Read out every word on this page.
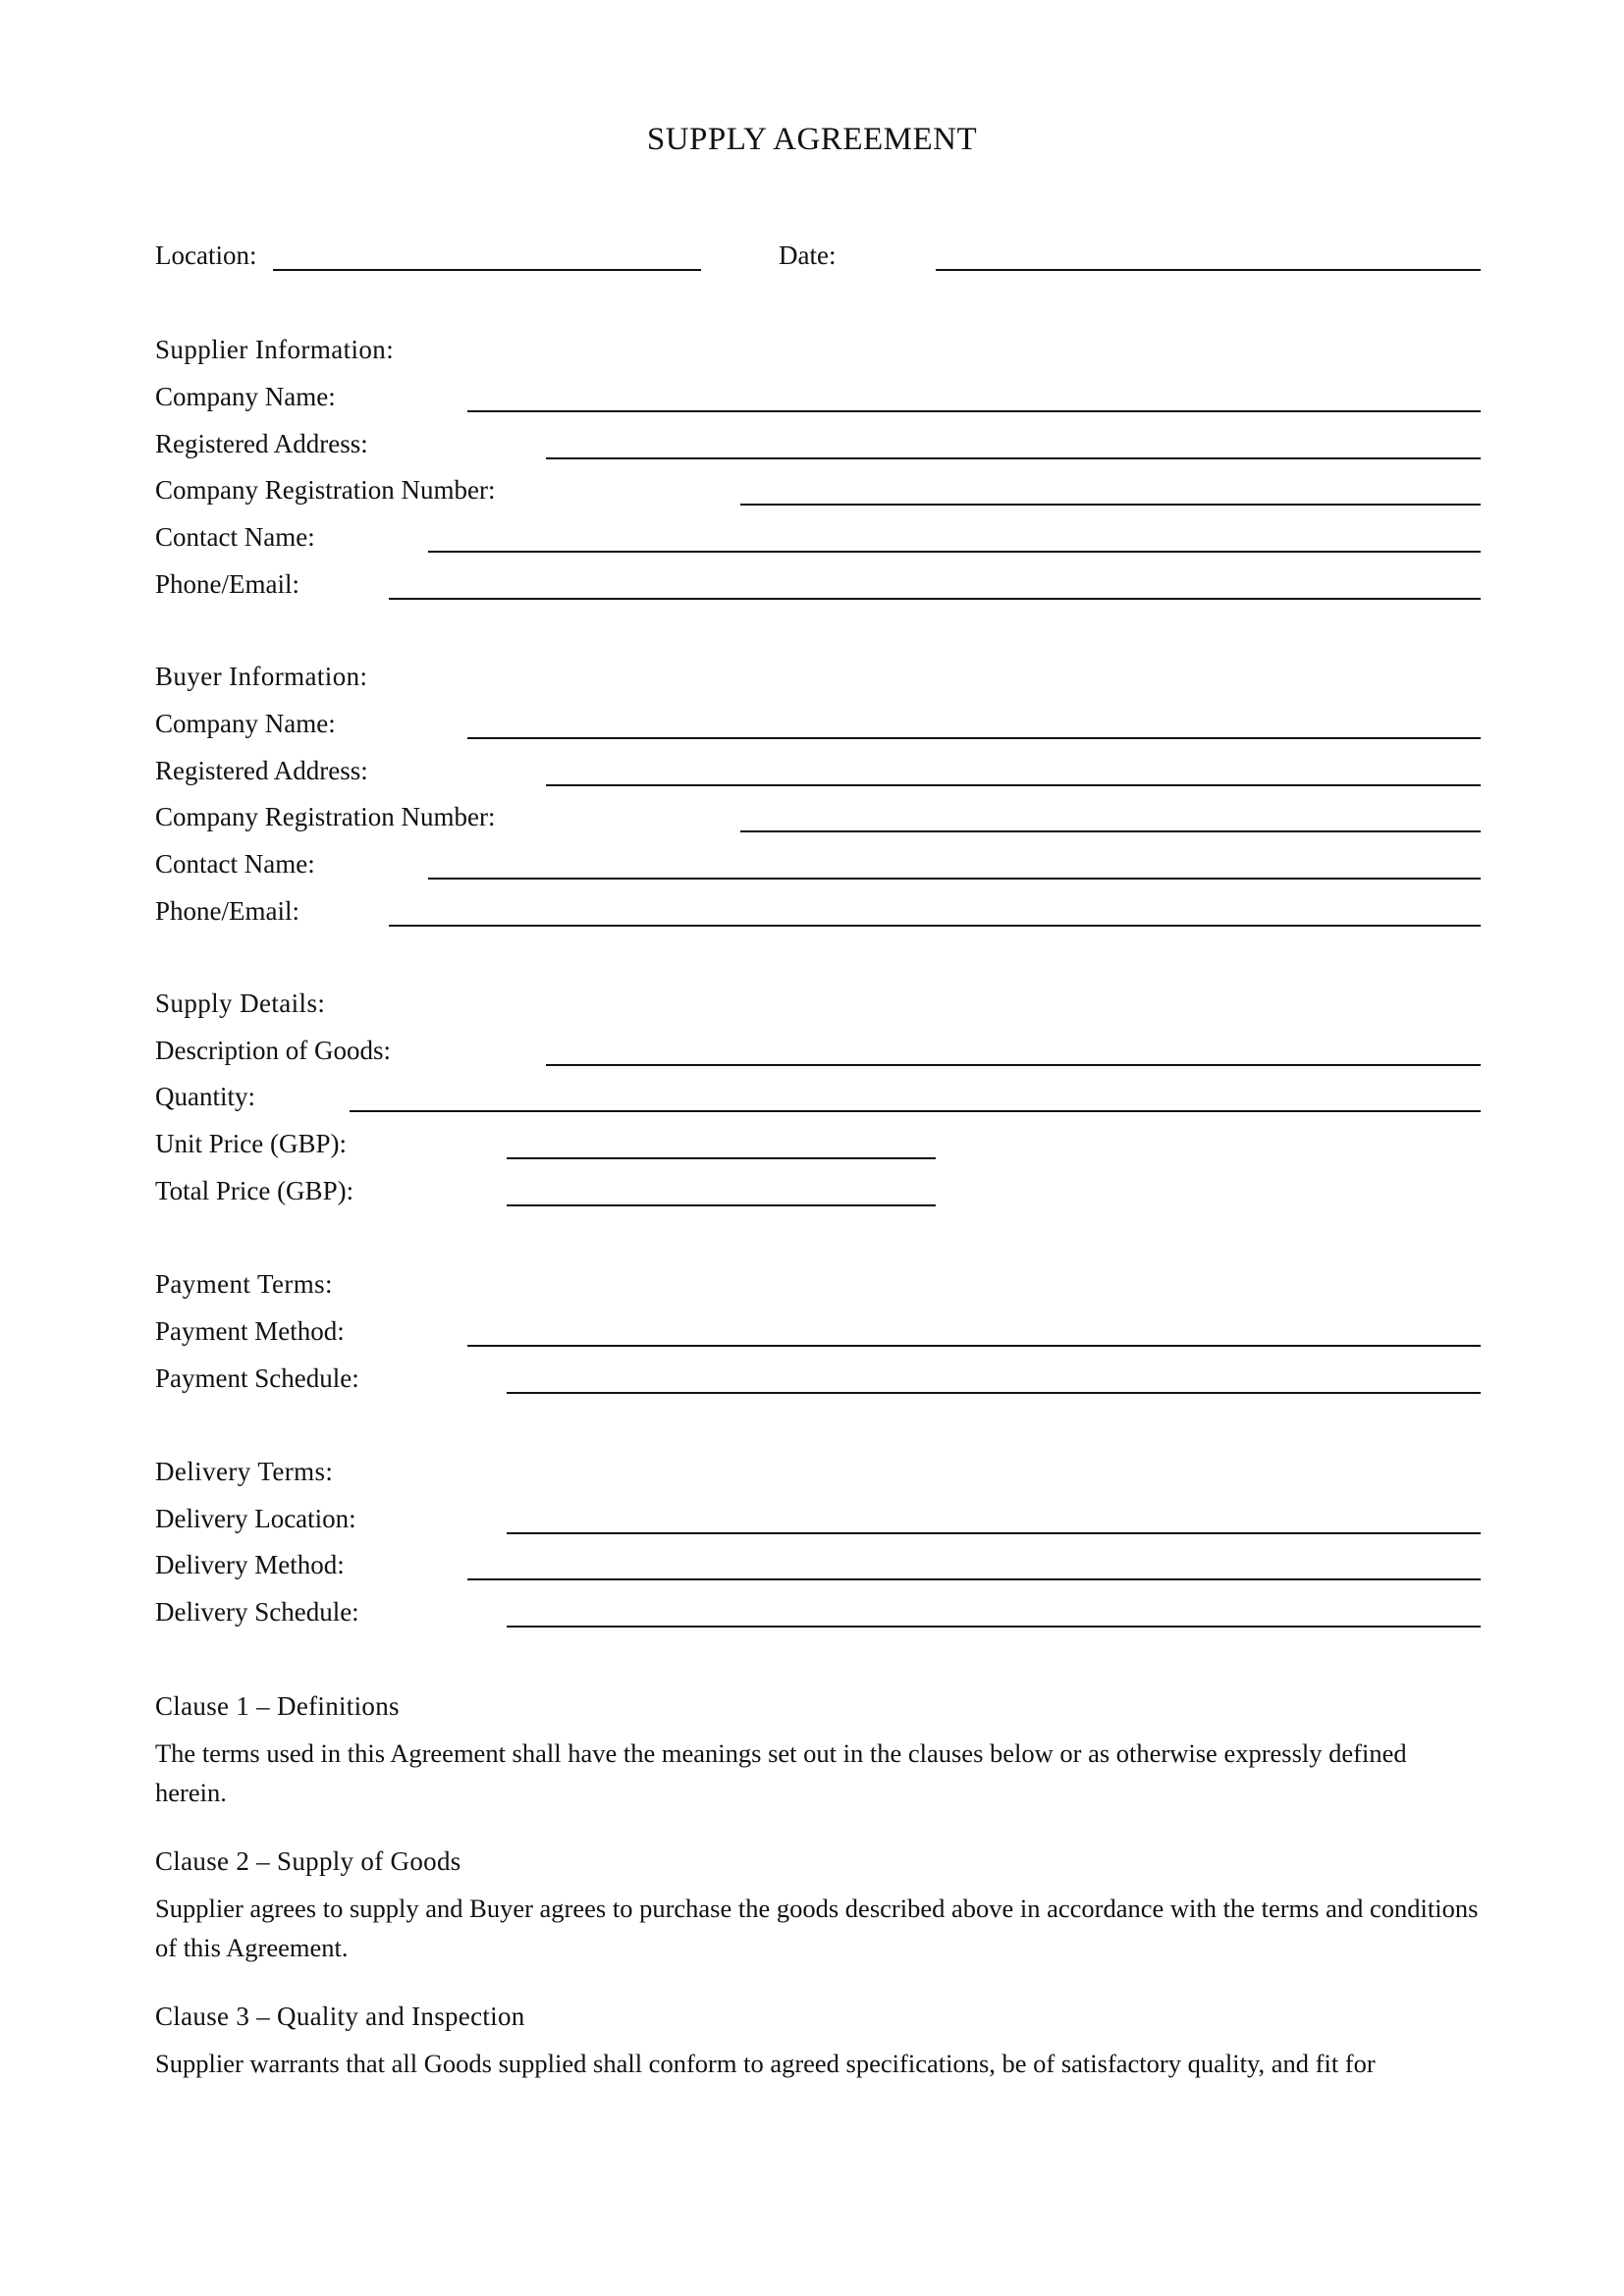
SUPPLY AGREEMENT
Location:	Date:
Supplier Information:
Company Name:
Registered Address:
Company Registration Number:
Contact Name:
Phone/Email:
Buyer Information:
Company Name:
Registered Address:
Company Registration Number:
Contact Name:
Phone/Email:
Supply Details:
Description of Goods:
Quantity:
Unit Price (GBP):
Total Price (GBP):
Payment Terms:
Payment Method:
Payment Schedule:
Delivery Terms:
Delivery Location:
Delivery Method:
Delivery Schedule:
Clause 1 – Definitions
The terms used in this Agreement shall have the meanings set out in the clauses below or as otherwise expressly defined herein.
Clause 2 – Supply of Goods
Supplier agrees to supply and Buyer agrees to purchase the goods described above in accordance with the terms and conditions of this Agreement.
Clause 3 – Quality and Inspection
Supplier warrants that all Goods supplied shall conform to agreed specifications, be of satisfactory quality, and fit for
